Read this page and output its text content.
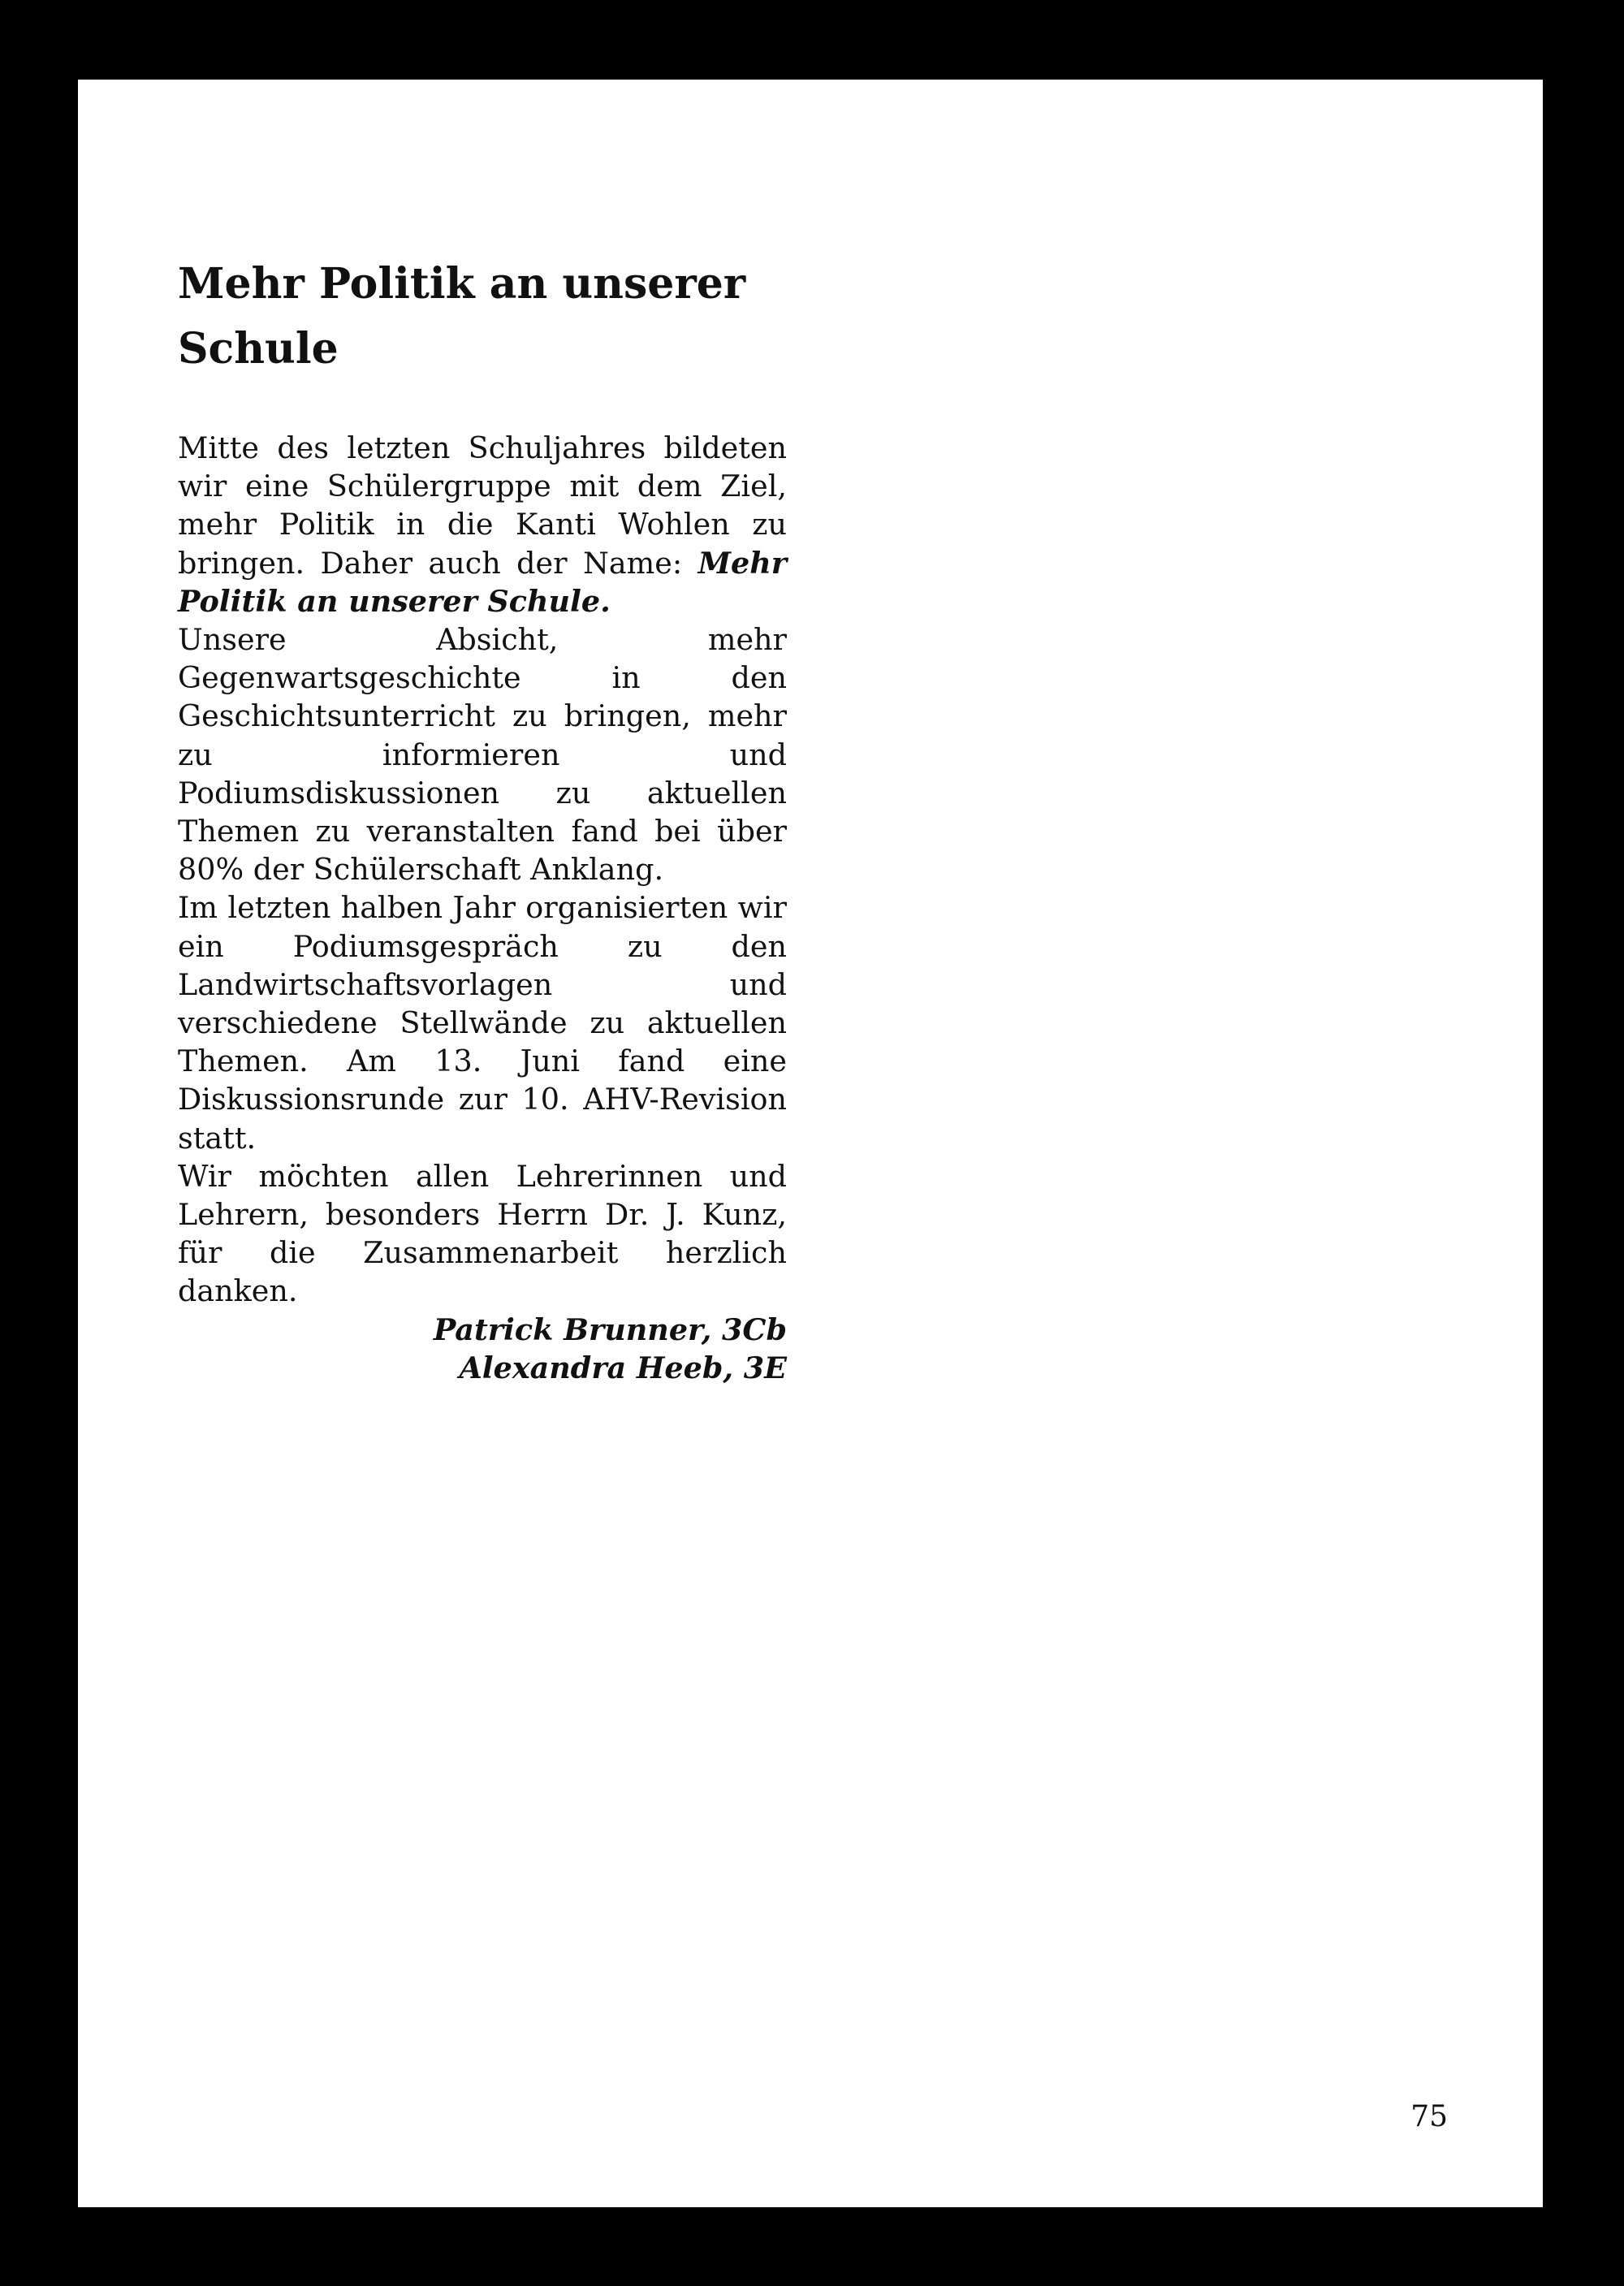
Mehr Politik an unserer Schule

Mitte des letzten Schuljahres bildeten wir eine Schülergruppe mit dem Ziel, mehr Politik in die Kanti Wohlen zu bringen. Daher auch der Name: Mehr Politik an unserer Schule.

Unsere Absicht, mehr Gegenwartsgeschichte in den Geschichtsunterricht zu bringen, mehr zu informieren und Podiumsdiskussionen zu aktuellen Themen zu veranstalten fand bei über 80% der Schülerschaft Anklang.

Im letzten halben Jahr organisierten wir ein Podiumsgespräch zu den Landwirtschaftsvorlagen und verschiedene Stellwände zu aktuellen Themen. Am 13. Juni fand eine Diskussionsrunde zur 10. AHV-Revision statt.

Wir möchten allen Lehrerinnen und Lehrern, besonders Herrn Dr. J. Kunz, für die Zusammenarbeit herzlich danken.

Patrick Brunner, 3Cb
Alexandra Heeb, 3E
75
